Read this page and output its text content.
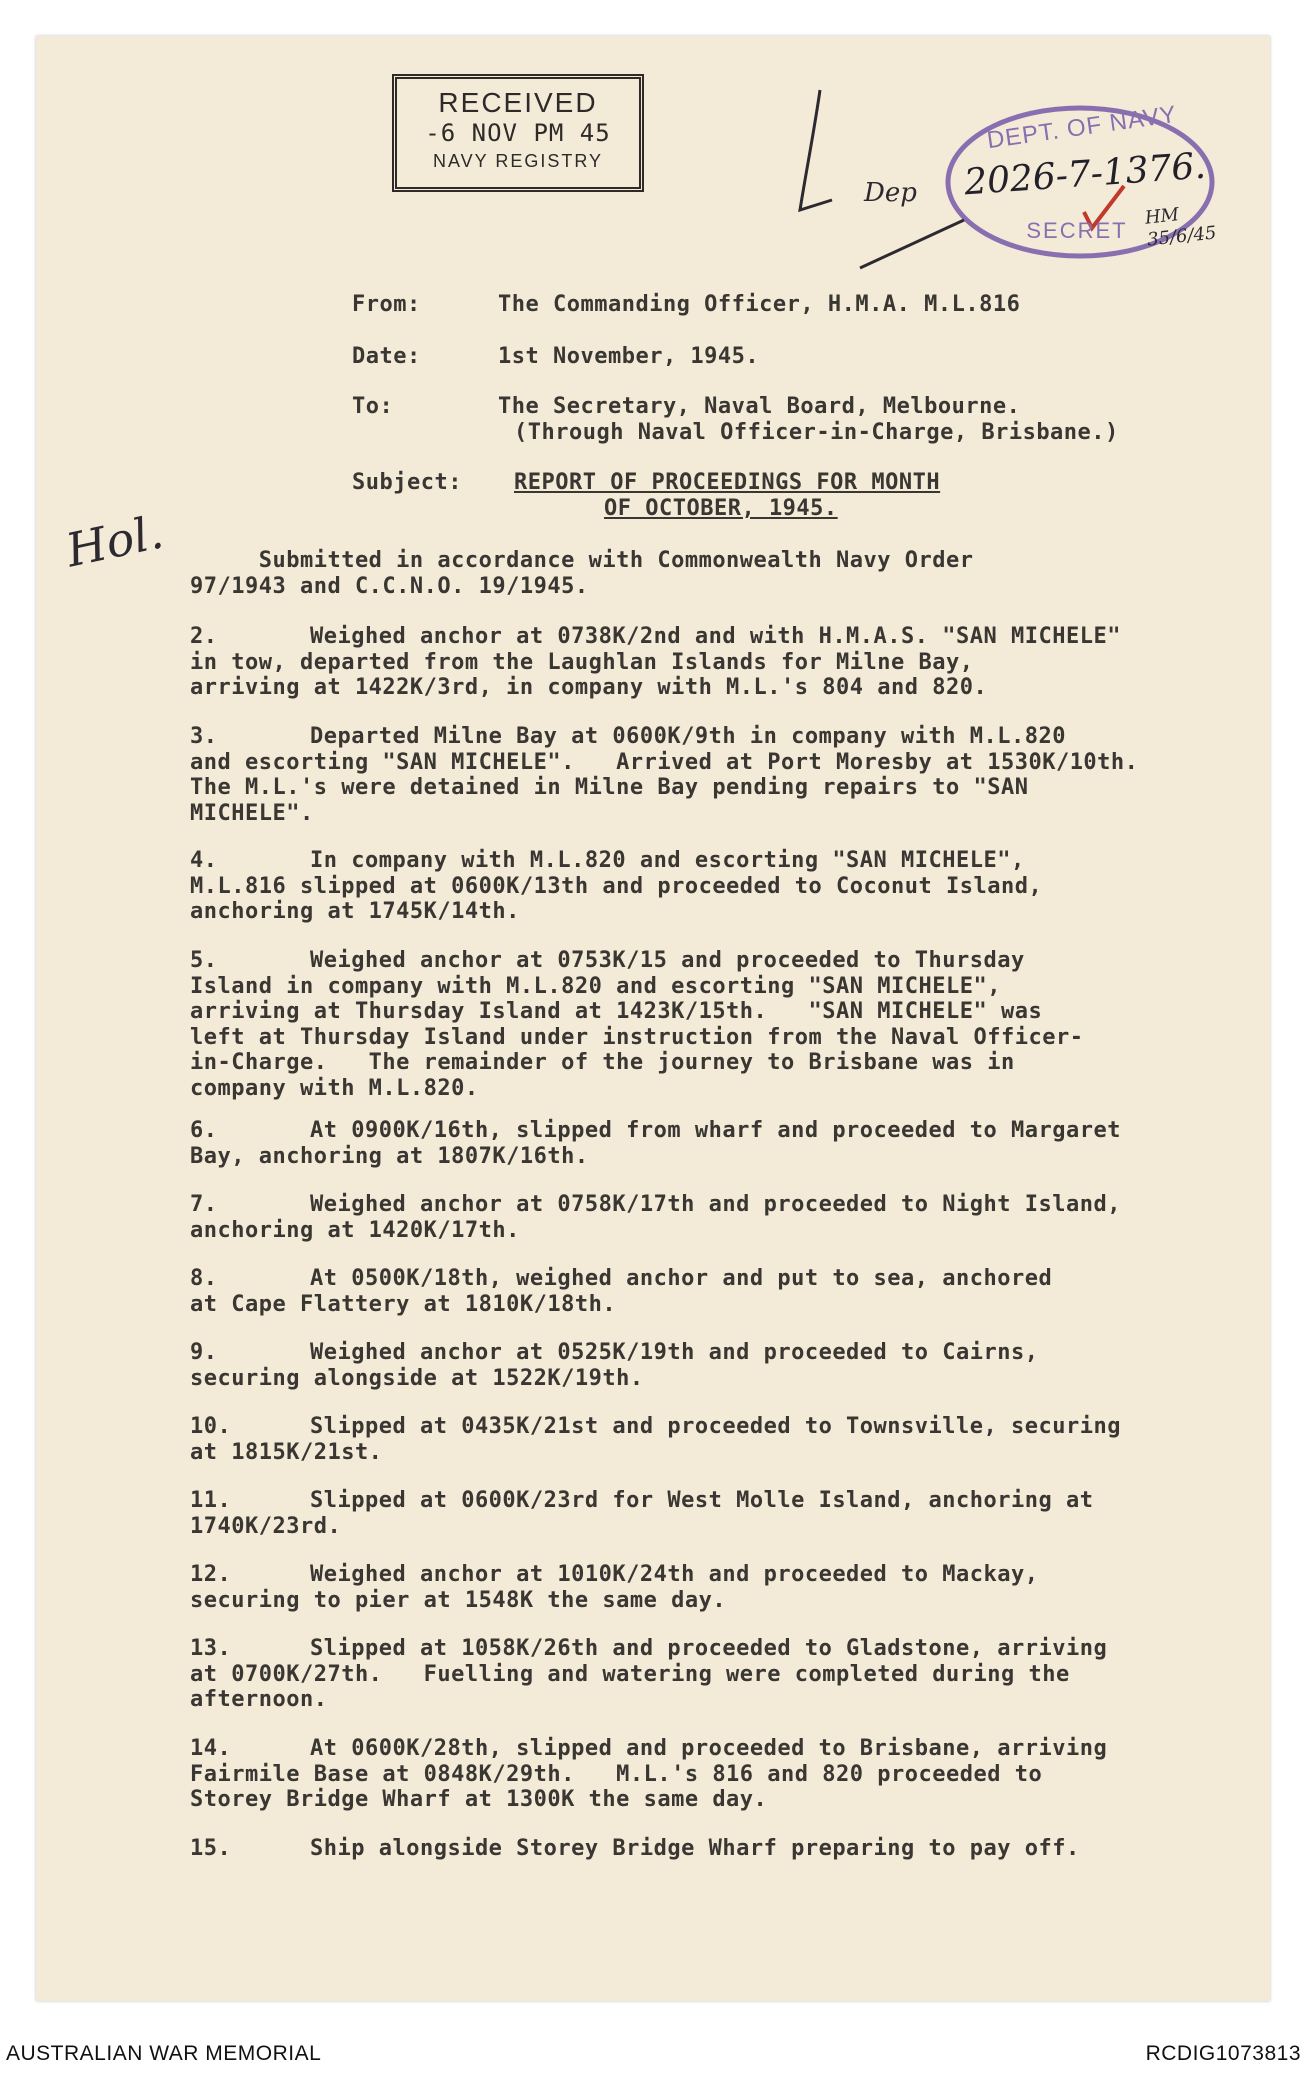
RECEIVED
-6 NOV PM 45
NAVY REGISTRY
DEPT. OF NAVY
2026-7-1376.
SECRET
Dep
HM 35/6/45
Hol.

From:	The Commanding Officer, H.M.A. M.L.816

Date:	1st November, 1945.

To:	The Secretary, Naval Board, Melbourne.

(Through Naval Officer-in-Charge, Brisbane.)

Subject: REPORT OF PROCEEDINGS FOR MONTH

OF OCTOBER, 1945.

Submitted in accordance with Commonwealth Navy Order

97/1943 and C.C.N.O. 19/1945.

2.	Weighed anchor at 0738K/2nd and with H.M.A.S. "SAN MICHELE"

in tow, departed from the Laughlan Islands for Milne Bay,

arriving at 1422K/3rd, in company with M.L.'s 804 and 820.

3.	Departed Milne Bay at 0600K/9th in company with M.L.820

and escorting "SAN MICHELE".   Arrived at Port Moresby at 1530K/10th.

The M.L.'s were detained in Milne Bay pending repairs to "SAN

MICHELE".

4.	In company with M.L.820 and escorting "SAN MICHELE",

M.L.816 slipped at 0600K/13th and proceeded to Coconut Island,

anchoring at 1745K/14th.

5.	Weighed anchor at 0753K/15 and proceeded to Thursday

Island in company with M.L.820 and escorting "SAN MICHELE",

arriving at Thursday Island at 1423K/15th.   "SAN MICHELE" was

left at Thursday Island under instruction from the Naval Officer-

in-Charge.   The remainder of the journey to Brisbane was in

company with M.L.820.

6.	At 0900K/16th, slipped from wharf and proceeded to Margaret

Bay, anchoring at 1807K/16th.

7.	Weighed anchor at 0758K/17th and proceeded to Night Island,

anchoring at 1420K/17th.

8.	At 0500K/18th, weighed anchor and put to sea, anchored

at Cape Flattery at 1810K/18th.

9.	Weighed anchor at 0525K/19th and proceeded to Cairns,

securing alongside at 1522K/19th.

10.	Slipped at 0435K/21st and proceeded to Townsville, securing

at 1815K/21st.

11.	Slipped at 0600K/23rd for West Molle Island, anchoring at

1740K/23rd.

12.	Weighed anchor at 1010K/24th and proceeded to Mackay,

securing to pier at 1548K the same day.

13.	Slipped at 1058K/26th and proceeded to Gladstone, arriving

at 0700K/27th.   Fuelling and watering were completed during the

afternoon.

14.	At 0600K/28th, slipped and proceeded to Brisbane, arriving

Fairmile Base at 0848K/29th.   M.L.'s 816 and 820 proceeded to

Storey Bridge Wharf at 1300K the same day.

15.	Ship alongside Storey Bridge Wharf preparing to pay off.

AUSTRALIAN WAR MEMORIAL	RCDIG1073813
